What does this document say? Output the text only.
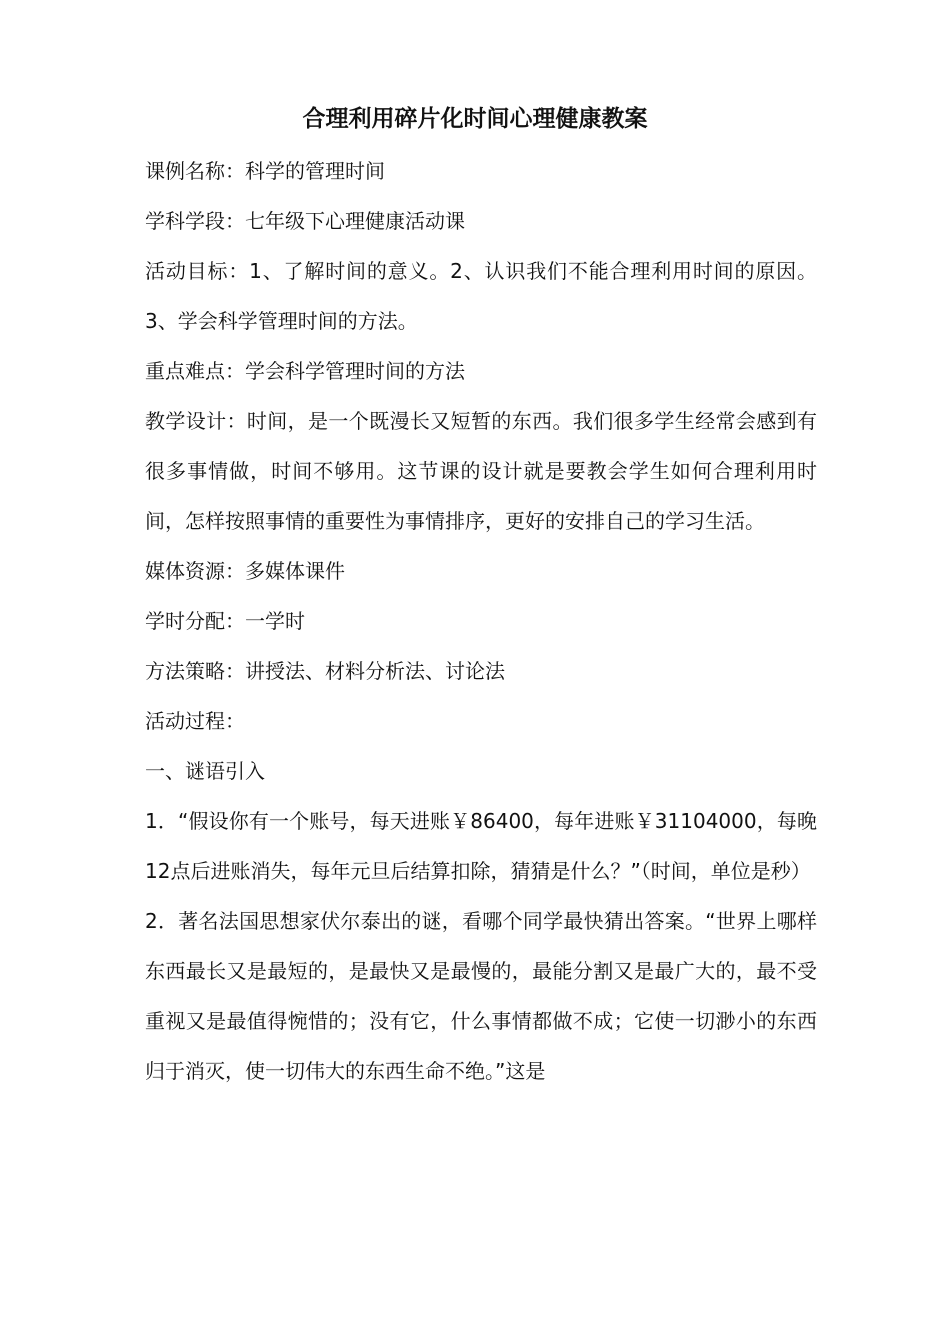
合理利用碎片化时间心理健康教案

课例名称：科学的管理时间

学科学段：七年级下心理健康活动课

活动目标：1、了解时间的意义。2、认识我们不能合理利用时间的原因。3、学会科学管理时间的方法。

重点难点：学会科学管理时间的方法

教学设计：时间，是一个既漫长又短暂的东西。我们很多学生经常会感到有很多事情做，时间不够用。这节课的设计就是要教会学生如何合理利用时间，怎样按照事情的重要性为事情排序，更好的安排自己的学习生活。

媒体资源：多媒体课件

学时分配：一学时

方法策略：讲授法、材料分析法、讨论法

活动过程：

一、谜语引入

1．“假设你有一个账号，每天进账￥86400，每年进账￥31104000，每晚12点后进账消失，每年元旦后结算扣除，猜猜是什么？”（时间，单位是秒）

2．著名法国思想家伏尔泰出的谜，看哪个同学最快猜出答案。“世界上哪样东西最长又是最短的，是最快又是最慢的，最能分割又是最广大的，最不受重视又是最值得惋惜的；没有它，什么事情都做不成；它使一切渺小的东西归于消灭，使一切伟大的东西生命不绝。”这是
